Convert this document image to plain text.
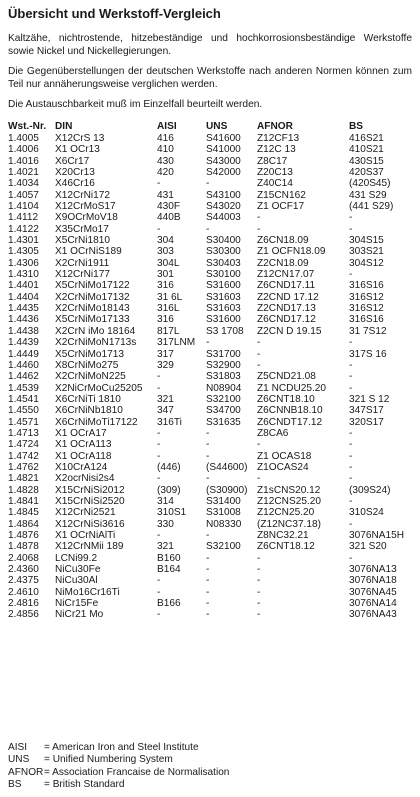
Übersicht und Werkstoff-Vergleich

Kaltzähe, nichtrostende, hitzebeständige und hochkorrosionsbeständige Werkstoffe sowie Nickel und Nickellegierungen.

Die Gegenüberstellungen der deutschen Werkstoffe nach anderen Normen können zum Teil nur annäherungsweise verglichen werden.

Die Austauschbarkeit muß im Einzelfall beurteilt werden.

Wst.-Nr.	DIN	AISI	UNS	AFNOR	BS
1.4005	X12CrS 13	416	S41600	Z12CF13	416S21
1.4006	X1 OCr13	410	S41000	Z12C 13	410S21
1.4016	X6Cr17	430	S43000	Z8C17	430S15
1.4021	X20Cr13	420	S42000	Z20C13	420S37
1.4034	X46Cr16	-	-	Z40C14	(420S45)
1.4057	X12CrNi172	431	S43100	Z15CN162	431 S29
1.4104	X12CrMoS17	430F	S43020	Z1 OCF17	(441 S29)
1.4112	X9OCrMoV18	440B	S44003	-	-
1.4122	X35CrMo17	-	-	-	-
1.4301	X5CrNi1810	304	S30400	Z6CN18.09	304S15
1.4305	X1 OCrNiS189	303	S30300	Z1 OCFN18.09	303S21
1.4306	X2CrNi1911	304L	S30403	Z2CN18.09	304S12
1.4310	X12CrNi177	301	S30100	Z12CN17.07	-
1.4401	X5CrNiMo17122	316	S31600	Z6CND17.11	316S16
1.4404	X2CrNiMo17132	31 6L	S31603	Z2CND 17.12	316S12
1.4435	X2CrNiMo18143	316L	S31603	Z2CND17.13	316S12
1.4436	X5CrNiMo17133	316	S31600	Z6CND17.12	316S16
1.4438	X2CrN iMo 18164	817L	S3 1708	Z2CN D 19.15	31 7S12
1.4439	X2CrNiMoN1713s	317LNM	-	-	-
1.4449	X5CrNiMo1713	317	S31700	-	317S 16
1.4460	X8CrNiMo275	329	S32900	-	-
1.4462	X2CrNiMoN225	-	S31803	Z5CND21.08	-
1.4539	X2NiCrMoCu25205	-	N08904	Z1 NCDU25.20	-
1.4541	X6CrNiTi 1810	321	S32100	Z6CNT18.10	321 S 12
1.4550	X6CrNiNb1810	347	S34700	Z6CNNB18.10	347S17
1.4571	X6CrNiMoTi17122	316Ti	S31635	Z6CNDT17.12	320S17
1.4713	X1 OCrA17	-	-	Z8CA6	-
1.4724	X1 OCrA113	-	-	-	-
1.4742	X1 OCrA118	-	-	Z1 OCAS18	-
1.4762	X10CrA124	(446)	(S44600)	Z1OCAS24	-
1.4821	X2ocrNisi2s4	-	-	-	-
1.4828	X15CrNiSi2012	(309)	(S30900)	Z1sCNS20.12	(309S24)
1.4841	X15CrNiSi2520	314	S31400	Z12CNS25.20	-
1.4845	X12CrNi2521	310S1	S31008	Z12CN25.20	310S24
1.4864	X12CrNiSi3616	330	N08330	(Z12NC37.18)	-
1.4876	X1 OCrNiAlTi	-	-	Z8NC32.21	3076NA15H
1.4878	X12CrNMii 189	321	S32100	Z6CNT18.12	321 S20
2.4068	LCNi99.2	B160	-	-	-
2.4360	NiCu30Fe	B164	-	-	3076NA13
2.4375	NiCu30Al	-	-	-	3076NA18
2.4610	NiMo16Cr16Ti	-	-	-	3076NA45
2.4816	NiCr15Fe	B166	-	-	3076NA14
2.4856	NiCr21 Mo	-	-	-	3076NA43
AISI = American Iron and Steel Institute
UNS = Unified Numbering System
AFNOR= Association Francaise de Normalisation
BS = British Standard
